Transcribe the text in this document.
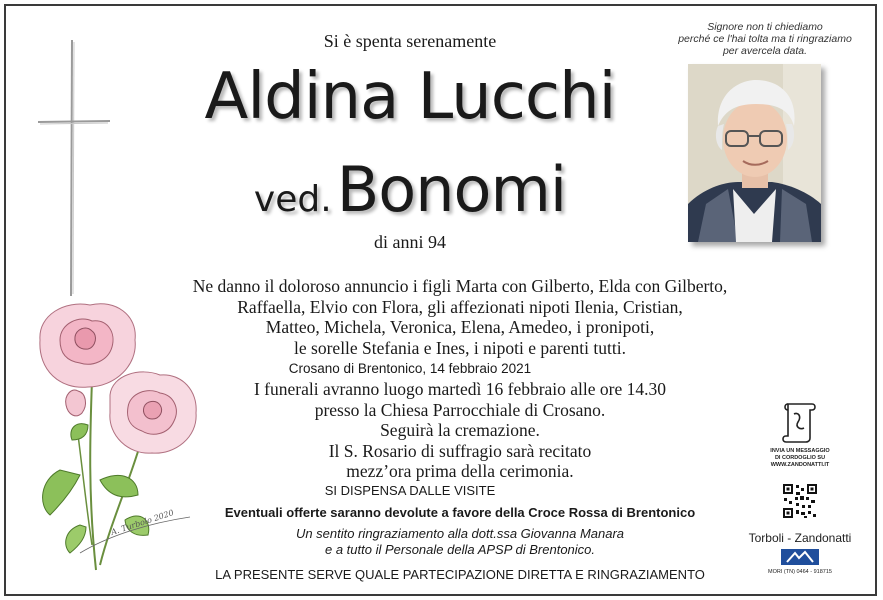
A. Turbolo 2020
Signore non ti chiediamo
perché ce l'hai tolta ma ti ringraziamo
per avercela data.
Si è spenta serenamente
Aldina Lucchi
ved. Bonomi
di anni 94
Ne danno il doloroso annuncio i figli Marta con Gilberto, Elda con Gilberto,
Raffaella, Elvio con Flora, gli affezionati nipoti Ilenia, Cristian,
Matteo, Michela, Veronica, Elena, Amedeo, i pronipoti,
le sorelle Stefania e Ines, i nipoti e parenti tutti.
Crosano di Brentonico, 14 febbraio 2021
I funerali avranno luogo martedì 16 febbraio alle ore 14.30
presso la Chiesa Parrocchiale di Crosano.
Seguirà la cremazione.
Il S. Rosario di suffragio sarà recitato
mezz’ora prima della cerimonia.
SI DISPENSA DALLE VISITE
Eventuali offerte saranno devolute a favore della Croce Rossa di Brentonico
Un sentito ringraziamento alla dott.ssa Giovanna Manara
e a tutto il Personale della APSP di Brentonico.
LA PRESENTE SERVE QUALE PARTECIPAZIONE DIRETTA E RINGRAZIAMENTO
INVIA UN MESSAGGIO
DI CORDOGLIO SU
WWW.ZANDONATTI.IT
Torboli - Zandonatti
MORI (TN) 0464 - 918715
